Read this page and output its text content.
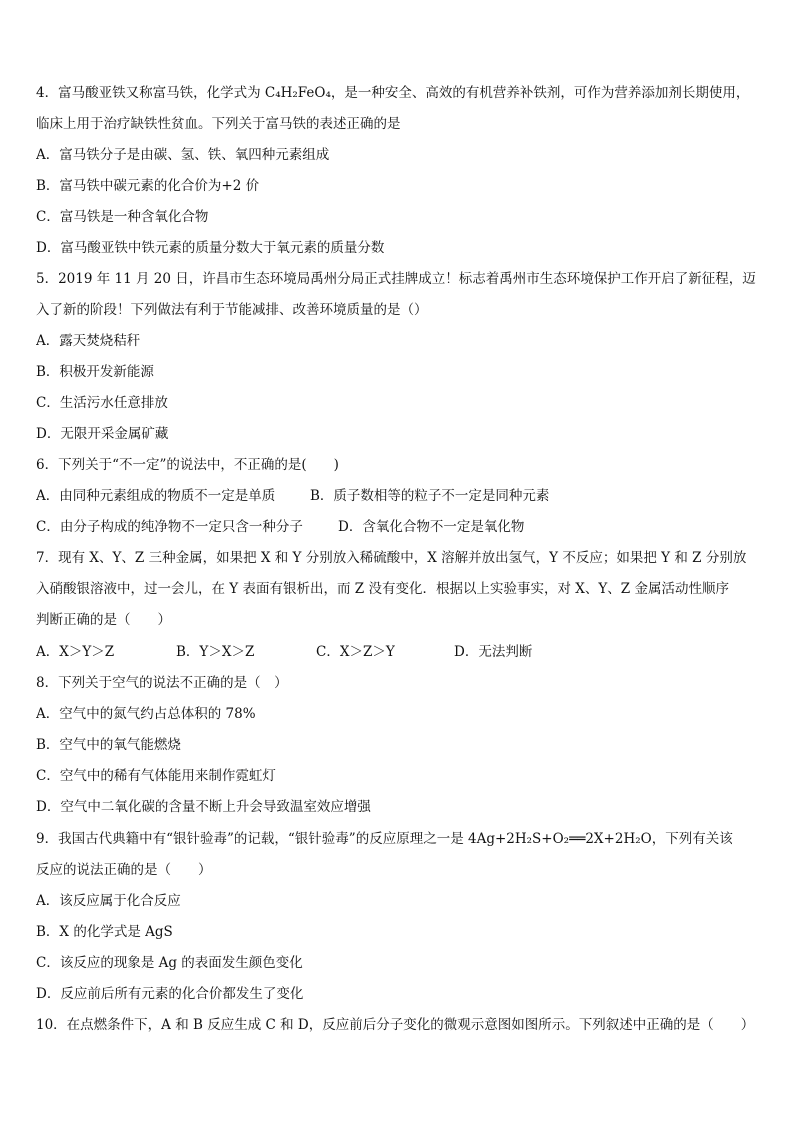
4．富马酸亚铁又称富马铁，化学式为 C₄H₂FeO₄，是一种安全、高效的有机营养补铁剂，可作为营养添加剂长期使用，
临床上用于治疗缺铁性贫血。下列关于富马铁的表述正确的是
A．富马铁分子是由碳、氢、铁、氧四种元素组成
B．富马铁中碳元素的化合价为+2 价
C．富马铁是一种含氧化合物
D．富马酸亚铁中铁元素的质量分数大于氧元素的质量分数
5．2019 年 11 月 20 日，许昌市生态环境局禹州分局正式挂牌成立！标志着禹州市生态环境保护工作开启了新征程，迈
入了新的阶段！下列做法有利于节能减排、改善环境质量的是（）
A．露天焚烧秸秆
B．积极开发新能源
C．生活污水任意排放
D．无限开采金属矿藏
6．下列关于“不一定”的说法中，不正确的是(　　)
A．由同种元素组成的物质不一定是单质	B．质子数相等的粒子不一定是同种元素
C．由分子构成的纯净物不一定只含一种分子	D．含氧化合物不一定是氧化物
7．现有 X、Y、Z 三种金属，如果把 X 和 Y 分别放入稀硫酸中，X 溶解并放出氢气，Y 不反应；如果把 Y 和 Z 分别放
入硝酸银溶液中，过一会儿，在 Y 表面有银析出，而 Z 没有变化．根据以上实验事实，对 X、Y、Z 金属活动性顺序
判断正确的是（　　）
A．X＞Y＞Z	B．Y＞X＞Z	C．X＞Z＞Y	D．无法判断
8．下列关于空气的说法不正确的是（　）
A．空气中的氮气约占总体积的 78%
B．空气中的氧气能燃烧
C．空气中的稀有气体能用来制作霓虹灯
D．空气中二氧化碳的含量不断上升会导致温室效应增强
9．我国古代典籍中有“银针验毒”的记载，“银针验毒”的反应原理之一是 4Ag+2H₂S+O₂══2X+2H₂O，下列有关该
反应的说法正确的是（　　）
A．该反应属于化合反应
B．X 的化学式是 AgS
C．该反应的现象是 Ag 的表面发生颜色变化
D．反应前后所有元素的化合价都发生了变化
10．在点燃条件下，A 和 B 反应生成 C 和 D，反应前后分子变化的微观示意图如图所示。下列叙述中正确的是（　　）
